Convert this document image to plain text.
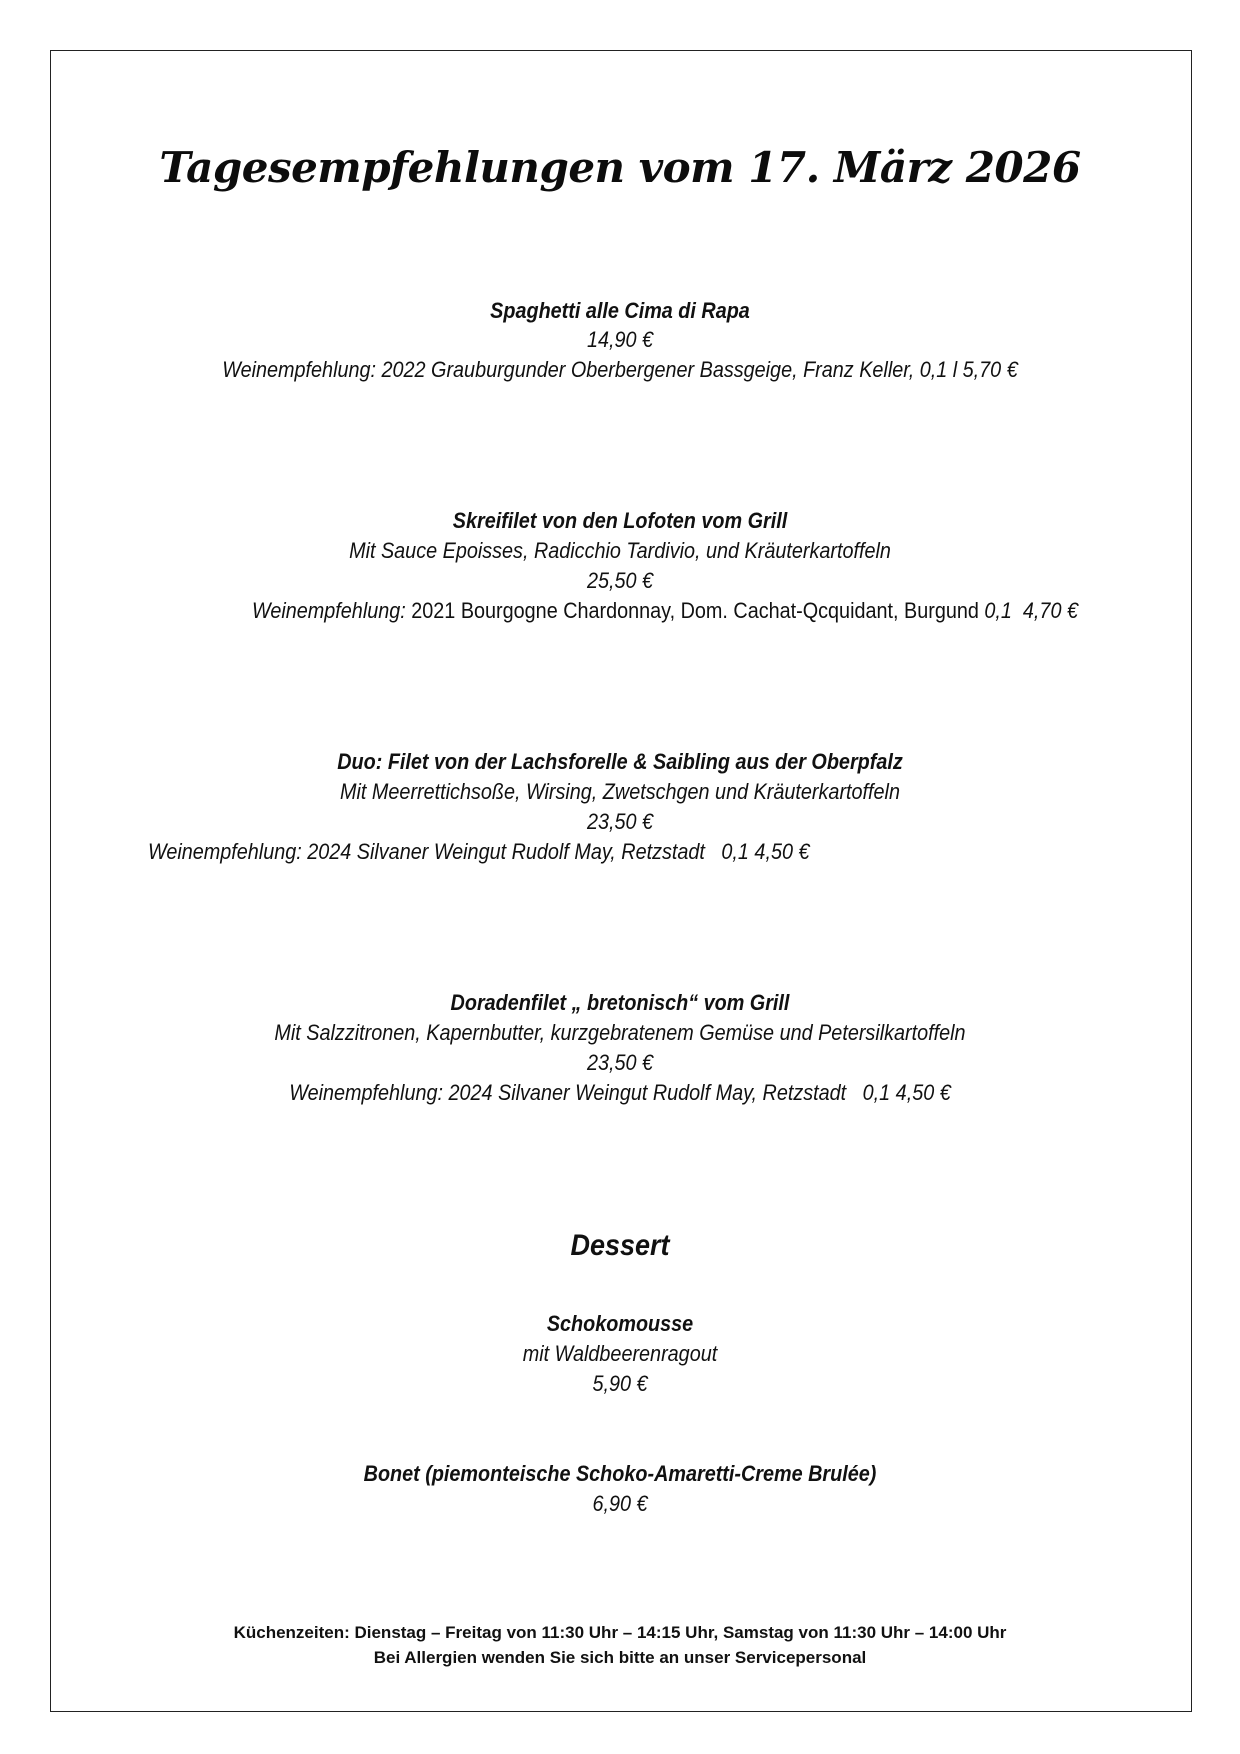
Tagesempfehlungen vom 17. März 2026
Spaghetti alle Cima di Rapa
14,90 €
Weinempfehlung: 2022 Grauburgunder Oberbergener Bassgeige, Franz Keller, 0,1 l 5,70 €
Skreifilet von den Lofoten vom Grill
Mit Sauce Epoisses, Radicchio Tardivio, und Kräuterkartoffeln
25,50 €
Weinempfehlung: 2021 Bourgogne Chardonnay, Dom. Cachat-Qcquidant, Burgund 0,1  4,70 €
Duo: Filet von der Lachsforelle & Saibling aus der Oberpfalz
Mit Meerrettichsoße, Wirsing, Zwetschgen und Kräuterkartoffeln
23,50 €
Weinempfehlung: 2024 Silvaner Weingut Rudolf May, Retzstadt   0,1 4,50 €
Doradenfilet „ bretonisch“ vom Grill
Mit Salzzitronen, Kapernbutter, kurzgebratenem Gemüse und Petersilkartoffeln
23,50 €
Weinempfehlung: 2024 Silvaner Weingut Rudolf May, Retzstadt   0,1 4,50 €
Dessert
Schokomousse
mit Waldbeerenragout
5,90 €
Bonet (piemonteische Schoko-Amaretti-Creme Brulée)
6,90 €
Küchenzeiten: Dienstag – Freitag von 11:30 Uhr – 14:15 Uhr, Samstag von 11:30 Uhr – 14:00 Uhr
Bei Allergien wenden Sie sich bitte an unser Servicepersonal
